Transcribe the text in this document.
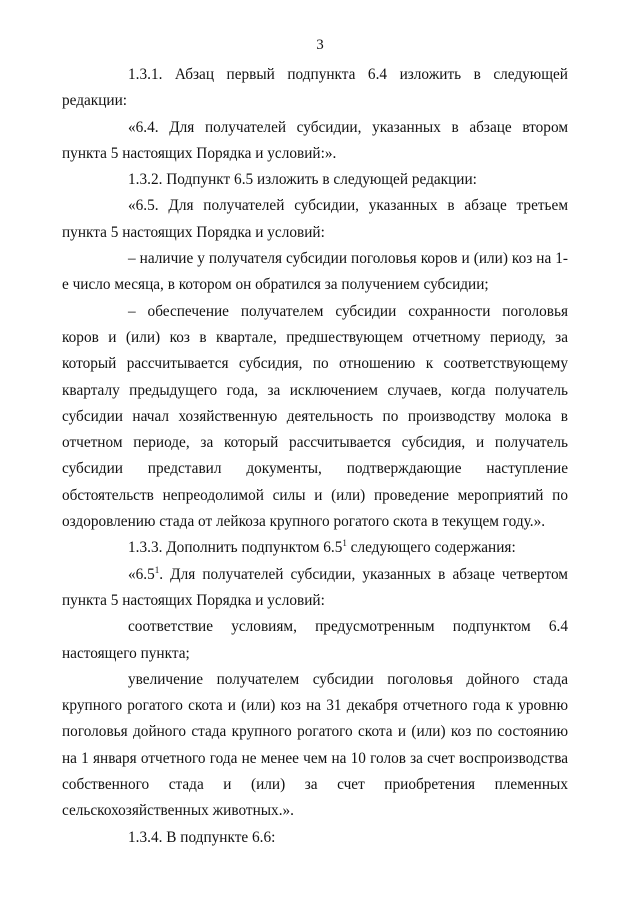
3

1.3.1. Абзац первый подпункта 6.4 изложить в следующей редакции:

«6.4. Для получателей субсидии, указанных в абзаце втором пункта 5 настоящих Порядка и условий:».

1.3.2. Подпункт 6.5 изложить в следующей редакции:

«6.5. Для получателей субсидии, указанных в абзаце третьем пункта 5 настоящих Порядка и условий:

– наличие у получателя субсидии поголовья коров и (или) коз на 1-е число месяца, в котором он обратился за получением субсидии;

– обеспечение получателем субсидии сохранности поголовья коров и (или) коз в квартале, предшествующем отчетному периоду, за который рассчитывается субсидия, по отношению к соответствующему кварталу предыдущего года, за исключением случаев, когда получатель субсидии начал хозяйственную деятельность по производству молока в отчетном периоде, за который рассчитывается субсидия, и получатель субсидии представил документы, подтверждающие наступление обстоятельств непреодолимой силы и (или) проведение мероприятий по оздоровлению стада от лейкоза крупного рогатого скота в текущем году.».

1.3.3. Дополнить подпунктом $6.5^1$ следующего содержания:

«$6.5^1$. Для получателей субсидии, указанных в абзаце четвертом пункта 5 настоящих Порядка и условий:

соответствие условиям, предусмотренным подпунктом 6.4 настоящего пункта;

увеличение получателем субсидии поголовья дойного стада крупного рогатого скота и (или) коз на 31 декабря отчетного года к уровню поголовья дойного стада крупного рогатого скота и (или) коз по состоянию на 1 января отчетного года не менее чем на 10 голов за счет воспроизводства собственного стада и (или) за счет приобретения племенных сельскохозяйственных животных.».

1.3.4. В подпункте 6.6:
